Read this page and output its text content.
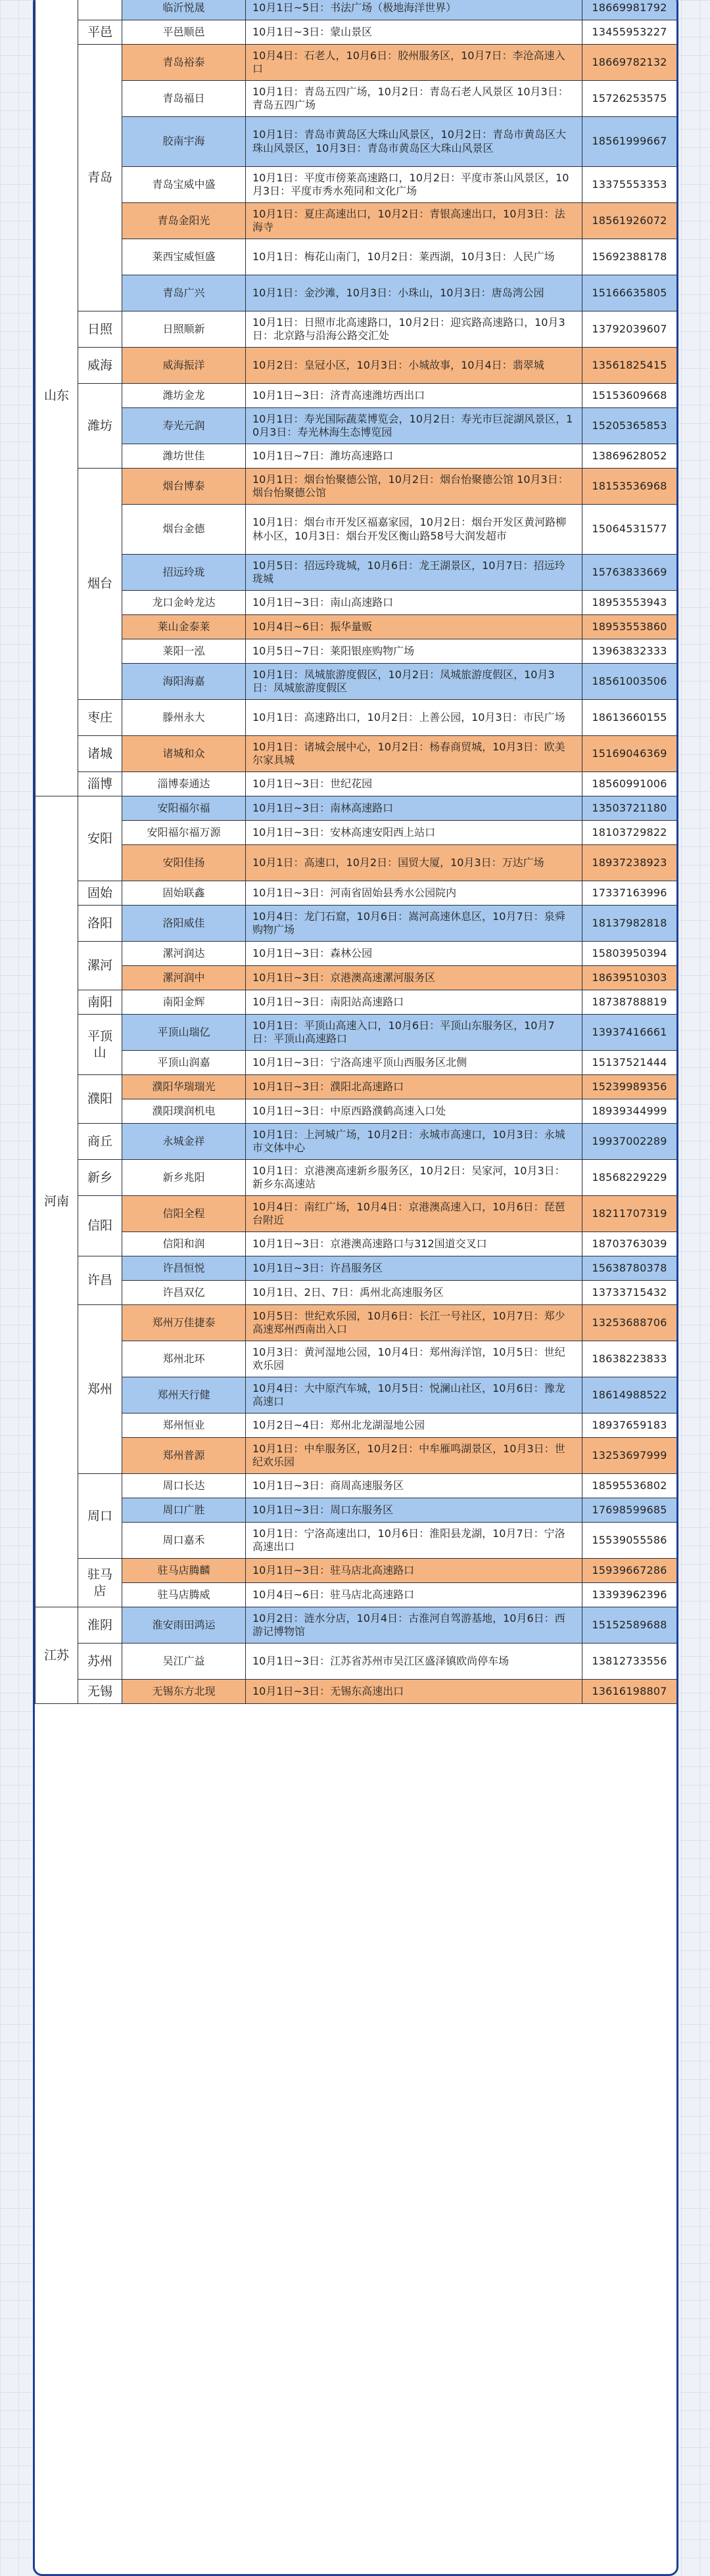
山东		临沂悦晟	10月1日~5日：书法广场（极地海洋世界）	18669981792
	平邑	平邑顺邑	10月1日~3日：蒙山景区	13455953227
	青岛	青岛裕泰	10月4日：石老人，10月6日：胶州服务区，10月7日：李沧高速入口	18669782132
		青岛福日	10月1日：青岛五四广场，10月2日：青岛石老人风景区 10月3日：青岛五四广场	15726253575
		胶南宇海	10月1日：青岛市黄岛区大珠山风景区，10月2日：青岛市黄岛区大珠山风景区，10月3日：青岛市黄岛区大珠山风景区	18561999667
		青岛宝威中盛	10月1日：平度市傍莱高速路口，10月2日：平度市茶山风景区，10月3日：平度市秀水苑同和文化广场	13375553353
		青岛金阳光	10月1日：夏庄高速出口，10月2日：青银高速出口，10月3日：法海寺	18561926072
		莱西宝威恒盛	10月1日：梅花山南门，10月2日：莱西湖，10月3日：人民广场	15692388178
		青岛广兴	10月1日：金沙滩，10月3日：小珠山，10月3日：唐岛湾公园	15166635805
	日照	日照顺新	10月1日：日照市北高速路口，10月2日：迎宾路高速路口，10月3日：北京路与沿海公路交汇处	13792039607
	威海	威海振洋	10月2日：皇冠小区，10月3日：小城故事，10月4日：翡翠城	13561825415
	潍坊	潍坊金龙	10月1日~3日：济青高速潍坊西出口	15153609668
		寿光元润	10月1日：寿光国际蔬菜博览会，10月2日：寿光市巨淀湖风景区，10月3日：寿光林海生态博览园	15205365853
		潍坊世佳	10月1日~7日：潍坊高速路口	13869628052
	烟台	烟台博泰	10月1日：烟台怡聚德公馆，10月2日：烟台怡聚德公馆 10月3日：烟台怡聚德公馆	18153536968
		烟台金德	10月1日：烟台市开发区福嘉家园，10月2日：烟台开发区黄河路柳林小区，10月3日：烟台开发区衡山路58号大润发超市	15064531577
		招远玲珑	10月5日：招远玲珑城，10月6日：龙王湖景区，10月7日：招远玲珑城	15763833669
		龙口金岭龙达	10月1日~3日：南山高速路口	18953553943
		莱山金泰莱	10月4日~6日：振华量贩	18953553860
		莱阳一泓	10月5日~7日：莱阳银座购物广场	13963832333
		海阳海嘉	10月1日：凤城旅游度假区，10月2日：凤城旅游度假区，10月3日：凤城旅游度假区	18561003506
	枣庄	滕州永大	10月1日：高速路出口，10月2日：上善公园，10月3日：市民广场	18613660155
	诸城	诸城和众	10月1日：诸城会展中心，10月2日：杨春商贸城，10月3日：欧美尔家具城	15169046369
	淄博	淄博泰通达	10月1日~3日：世纪花园	18560991006
河南	安阳	安阳福尔福	10月1日~3日：南林高速路口	13503721180
		安阳福尔福万源	10月1日~3日：安林高速安阳西上站口	18103729822
		安阳佳扬	10月1日：高速口，10月2日：国贸大厦，10月3日：万达广场	18937238923
	固始	固始联鑫	10月1日~3日：河南省固始县秀水公园院内	17337163996
	洛阳	洛阳威佳	10月4日：龙门石窟，10月6日：嵩河高速休息区，10月7日：泉舜购物广场	18137982818
	漯河	漯河润达	10月1日~3日：森林公园	15803950394
		漯河润中	10月1日~3日：京港澳高速漯河服务区	18639510303
	南阳	南阳金辉	10月1日~3日：南阳站高速路口	18738788819
	平顶山	平顶山瑞亿	10月1日：平顶山高速入口，10月6日：平顶山东服务区，10月7日：平顶山高速路口	13937416661
		平顶山润嘉	10月1日~3日：宁洛高速平顶山西服务区北侧	15137521444
	濮阳	濮阳华瑞瑞光	10月1日~3日：濮阳北高速路口	15239989356
		濮阳璞润机电	10月1日~3日：中原西路濮鹤高速入口处	18939344999
	商丘	永城金祥	10月1日：上河城广场，10月2日：永城市高速口，10月3日：永城市文体中心	19937002289
	新乡	新乡兆阳	10月1日：京港澳高速新乡服务区，10月2日：吴家河，10月3日：新乡东高速站	18568229229
	信阳	信阳全程	10月4日：南红广场，10月4日：京港澳高速入口，10月6日：琵琶台附近	18211707319
		信阳和润	10月1日~3日：京港澳高速路口与312国道交叉口	18703763039
	许昌	许昌恒悦	10月1日~3日：许昌服务区	15638780378
		许昌双亿	10月1日、2日、7日：禹州北高速服务区	13733715432
	郑州	郑州万佳捷泰	10月5日：世纪欢乐园，10月6日：长江一号社区，10月7日：郑少高速郑州西南出入口	13253688706
		郑州北环	10月3日：黄河湿地公园，10月4日：郑州海洋馆，10月5日：世纪欢乐园	18638223833
		郑州天行健	10月4日：大中原汽车城，10月5日：悦澜山社区，10月6日：豫龙高速口	18614988522
		郑州恒业	10月2日~4日：郑州北龙湖湿地公园	18937659183
		郑州普源	10月1日：中牟服务区，10月2日：中牟雁鸣湖景区，10月3日：世纪欢乐园	13253697999
	周口	周口长达	10月1日~3日：商周高速服务区	18595536802
		周口广胜	10月1日~3日：周口东服务区	17698599685
		周口嘉禾	10月1日：宁洛高速出口，10月6日：淮阳县龙湖，10月7日：宁洛高速出口	15539055586
	驻马店	驻马店腾麟	10月1日~3日：驻马店北高速路口	15939667286
		驻马店腾威	10月4日~6日：驻马店北高速路口	13393962396
江苏	淮阴	淮安雨田鸿运	10月2日：涟水分店，10月4日：古淮河自驾游基地，10月6日：西游记博物馆	15152589688
	苏州	吴江广益	10月1日~3日：江苏省苏州市吴江区盛泽镇欧尚停车场	13812733556
	无锡	无锡东方北现	10月1日~3日：无锡东高速出口	13616198807
